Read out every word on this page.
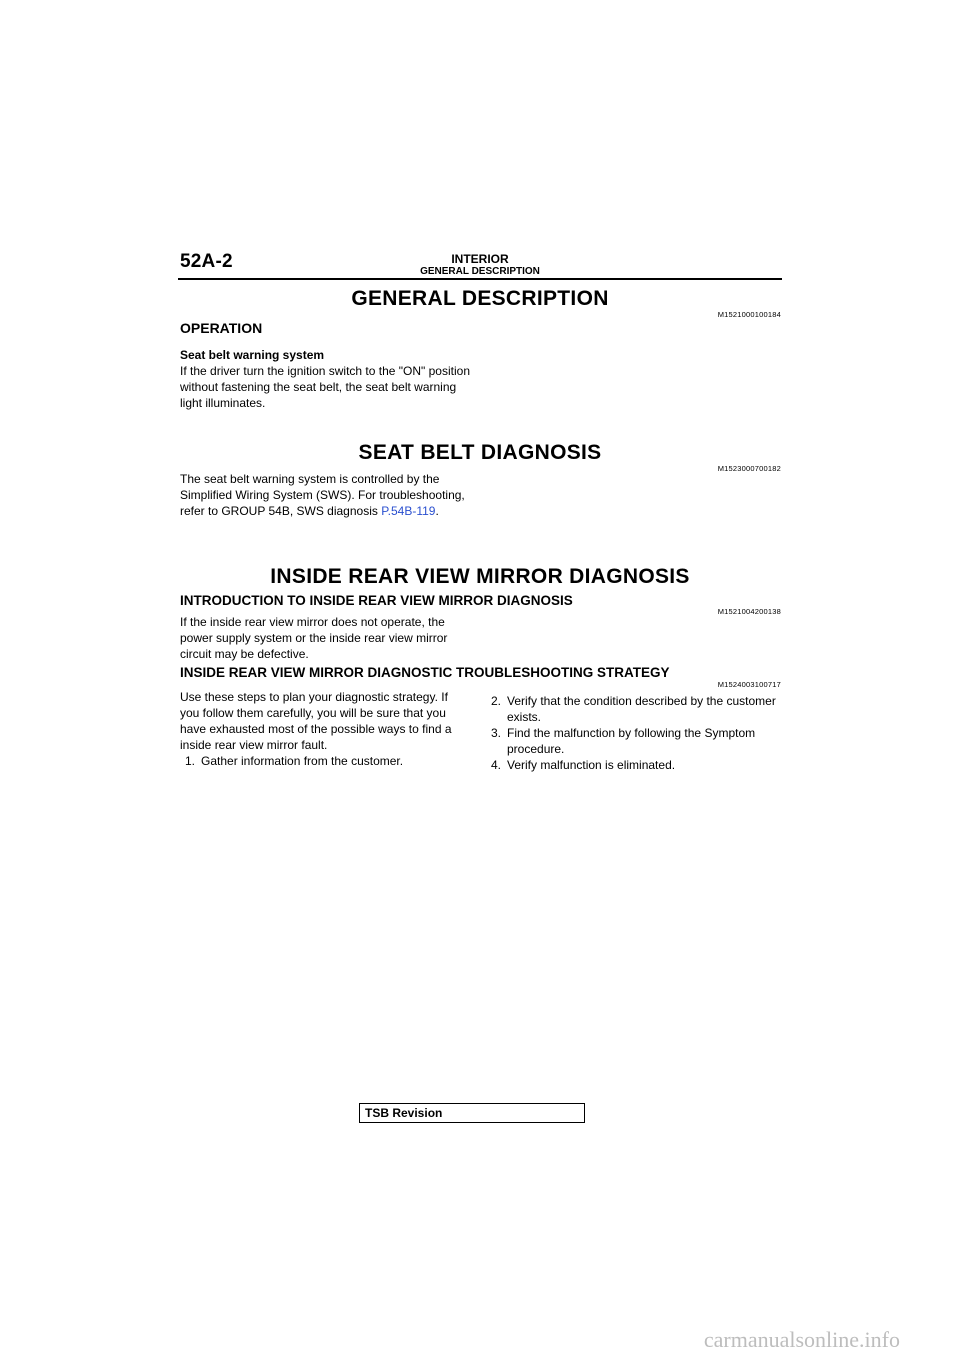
52A-2	INTERIOR
GENERAL DESCRIPTION
GENERAL DESCRIPTION
M1521000100184
OPERATION
Seat belt warning system
If the driver turn the ignition switch to the "ON" position without fastening the seat belt, the seat belt warning light illuminates.
SEAT BELT DIAGNOSIS
M1523000700182
The seat belt warning system is controlled by the Simplified Wiring System (SWS). For troubleshooting, refer to GROUP 54B, SWS diagnosis P.54B-119.
INSIDE REAR VIEW MIRROR DIAGNOSIS
INTRODUCTION TO INSIDE REAR VIEW MIRROR DIAGNOSIS
M1521004200138
If the inside rear view mirror does not operate, the power supply system or the inside rear view mirror circuit may be defective.
INSIDE REAR VIEW MIRROR DIAGNOSTIC TROUBLESHOOTING STRATEGY
M1524003100717
Use these steps to plan your diagnostic strategy. If you follow them carefully, you will be sure that you have exhausted most of the possible ways to find a inside rear view mirror fault.
1. Gather information from the customer.
2. Verify that the condition described by the customer exists.
3. Find the malfunction by following the Symptom procedure.
4. Verify malfunction is eliminated.
TSB Revision
carmanualsonline.info
